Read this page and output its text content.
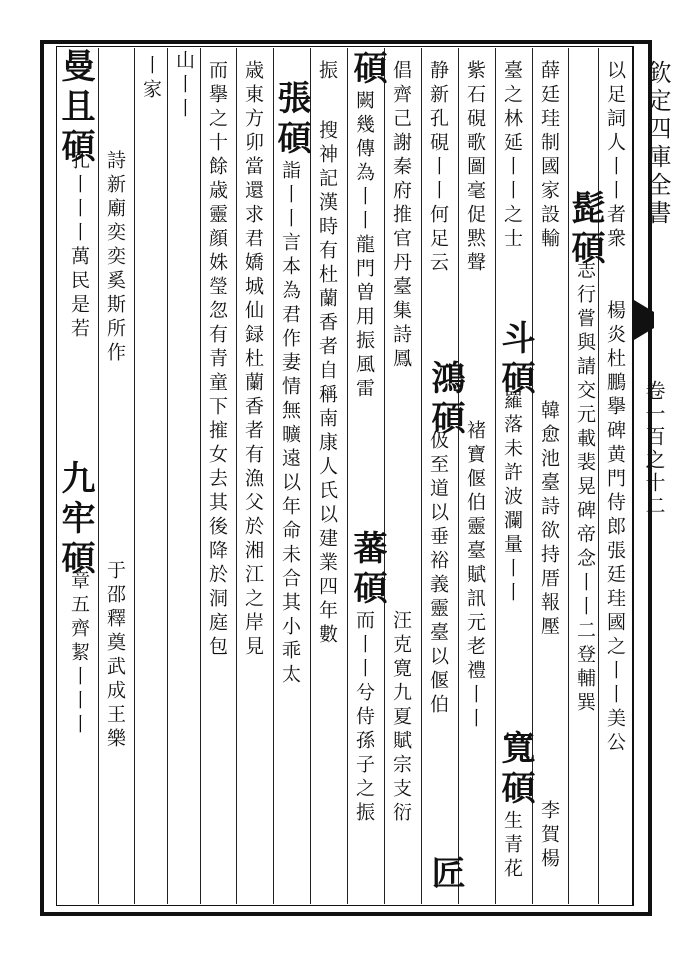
欽定四庫全書
卷一百之十二
以足詞人丨丨者衆
楊炎杜鵬擧碑黄門侍郎張廷珪國之丨丨美公
髭碩
志行嘗與請交元載裴晃碑帝念丨丨二登輔巽
薛廷珪制國家設輸
斗碩
韓愈池臺詩欲持厝報壓
臺之林延丨丨之士
羅落未許波瀾量丨丨
寬碩
李賀楊
紫石硯歌圖毫促黙聲
鴻碩
褚寶偃伯靈臺賦訊元老禮丨丨
匠
静新孔硯丨丨何足云
伋至道以垂裕義靈臺以偃伯
生青花
碩 倡齊己謝秦府推官丹臺集詩鳳
蕃碩
汪克寛九夏賦宗支衍
闕幾傳為丨丨龍門曽用振風雷
而丨丨兮侍孫子之振
振
張碩 搜神記漢時有杜蘭香者自稱南康人氏以建業四年數
詣丨丨言本為君作妻情無曠遠以年命未合其小乖太
歳東方卯當還求君嬌城仙録杜蘭香者有漁父於湘江之岸見
而擧之十餘歳靈顔姝瑩忽有青童下㩁女去其後降於洞庭包
山丨丨
丨家
曼且碩
詩新廟奕奕奚斯所作
孔丨丨丨萬民是若
九牢碩
于邵釋奠武成王樂
章五齊絜丨丨丨
